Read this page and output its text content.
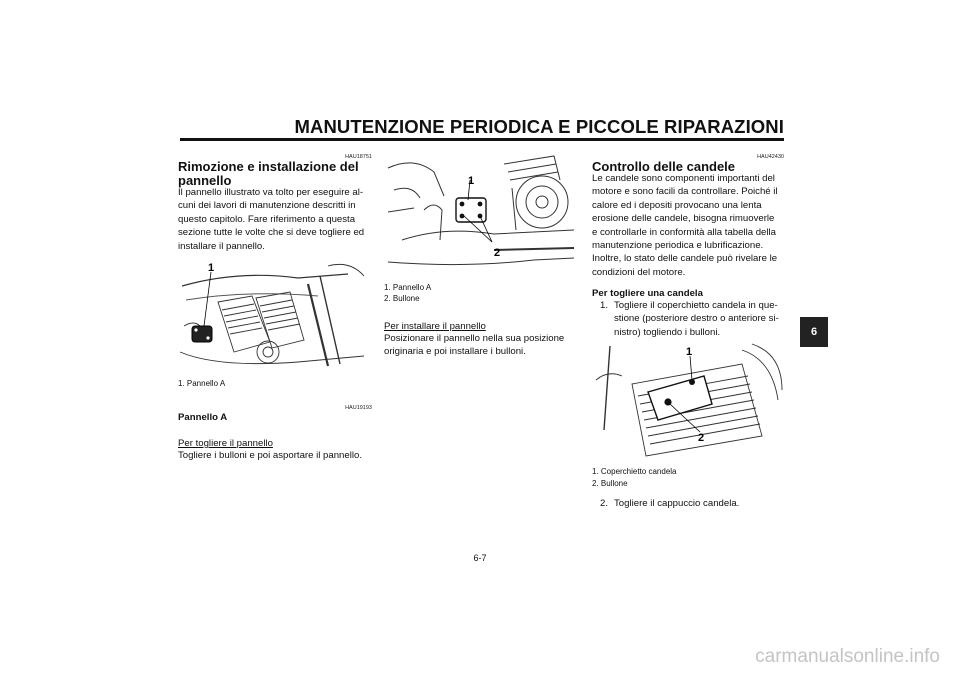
MANUTENZIONE PERIODICA E PICCOLE RIPARAZIONI
6
HAU18751
Rimozione e installazione del
pannello
Il pannello illustrato va tolto per eseguire al-
cuni dei lavori di manutenzione descritti in
questo capitolo. Fare riferimento a questa
sezione tutte le volte che si deve togliere ed
installare il pannello.
1
1. Pannello A
HAU19193
Pannello A
Per togliere il pannello
Togliere i bulloni e poi asportare il pannello.
1
2
1. Pannello A
2. Bullone
Per installare il pannello
Posizionare il pannello nella sua posizione
originaria e poi installare i bulloni.
HAU42430
Controllo delle candele
Le candele sono componenti importanti del
motore e sono facili da controllare. Poiché il
calore ed i depositi provocano una lenta
erosione delle candele, bisogna rimuoverle
e controllarle in conformità alla tabella della
manutenzione periodica e lubrificazione.
Inoltre, lo stato delle candele può rivelare le
condizioni del motore.
Per togliere una candela
1. Togliere il coperchietto candela in que-
stione (posteriore destro o anteriore si-
nistro) togliendo i bulloni.
1
2
1. Coperchietto candela
2. Bullone
2. Togliere il cappuccio candela.
6-7
carmanualsonline.info
